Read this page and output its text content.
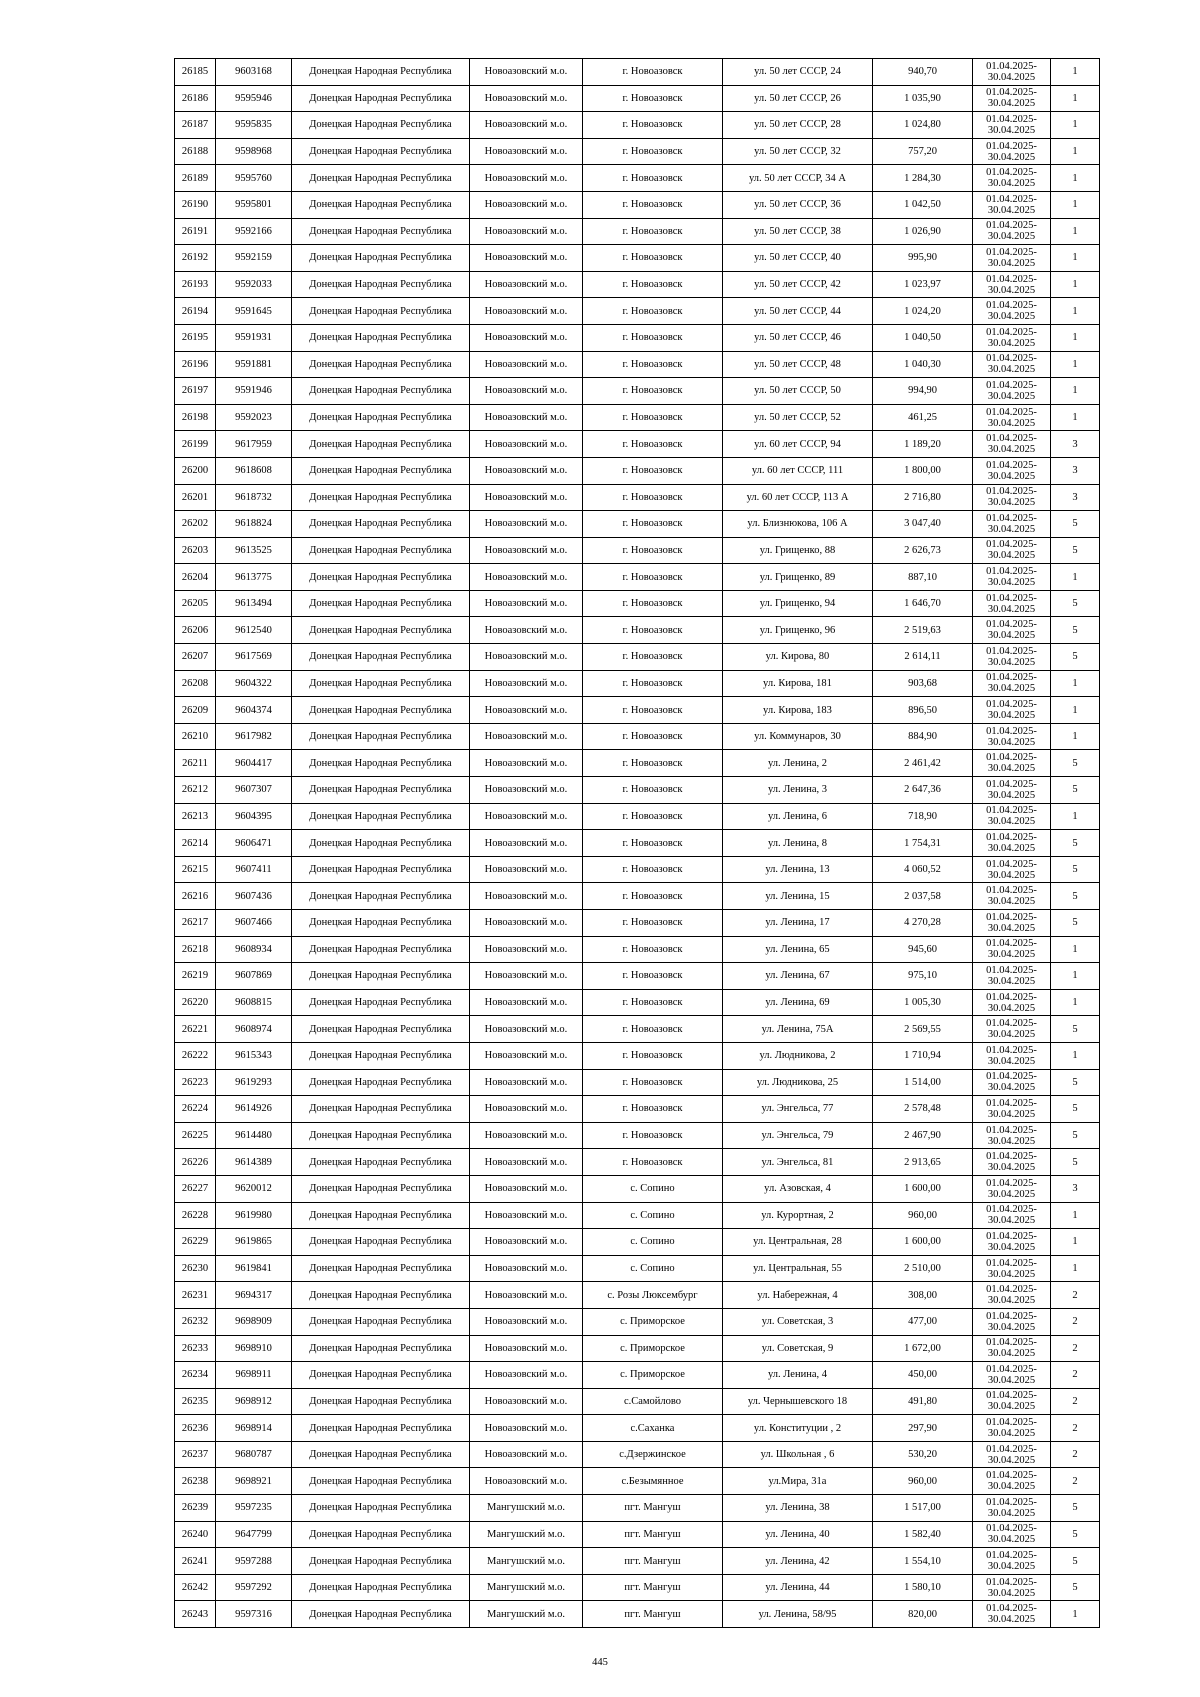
26185	9603168	Донецкая Народная Республика	Новоазовский м.о.	г. Новоазовск	ул. 50 лет СССР, 24	940,70	01.04.2025-
30.04.2025	1
26186	9595946	Донецкая Народная Республика	Новоазовский м.о.	г. Новоазовск	ул. 50 лет СССР, 26	1 035,90	01.04.2025-
30.04.2025	1
26187	9595835	Донецкая Народная Республика	Новоазовский м.о.	г. Новоазовск	ул. 50 лет СССР, 28	1 024,80	01.04.2025-
30.04.2025	1
26188	9598968	Донецкая Народная Республика	Новоазовский м.о.	г. Новоазовск	ул. 50 лет СССР, 32	757,20	01.04.2025-
30.04.2025	1
26189	9595760	Донецкая Народная Республика	Новоазовский м.о.	г. Новоазовск	ул. 50 лет СССР, 34 А	1 284,30	01.04.2025-
30.04.2025	1
26190	9595801	Донецкая Народная Республика	Новоазовский м.о.	г. Новоазовск	ул. 50 лет СССР, 36	1 042,50	01.04.2025-
30.04.2025	1
26191	9592166	Донецкая Народная Республика	Новоазовский м.о.	г. Новоазовск	ул. 50 лет СССР, 38	1 026,90	01.04.2025-
30.04.2025	1
26192	9592159	Донецкая Народная Республика	Новоазовский м.о.	г. Новоазовск	ул. 50 лет СССР, 40	995,90	01.04.2025-
30.04.2025	1
26193	9592033	Донецкая Народная Республика	Новоазовский м.о.	г. Новоазовск	ул. 50 лет СССР, 42	1 023,97	01.04.2025-
30.04.2025	1
26194	9591645	Донецкая Народная Республика	Новоазовский м.о.	г. Новоазовск	ул. 50 лет СССР, 44	1 024,20	01.04.2025-
30.04.2025	1
26195	9591931	Донецкая Народная Республика	Новоазовский м.о.	г. Новоазовск	ул. 50 лет СССР, 46	1 040,50	01.04.2025-
30.04.2025	1
26196	9591881	Донецкая Народная Республика	Новоазовский м.о.	г. Новоазовск	ул. 50 лет СССР, 48	1 040,30	01.04.2025-
30.04.2025	1
26197	9591946	Донецкая Народная Республика	Новоазовский м.о.	г. Новоазовск	ул. 50 лет СССР, 50	994,90	01.04.2025-
30.04.2025	1
26198	9592023	Донецкая Народная Республика	Новоазовский м.о.	г. Новоазовск	ул. 50 лет СССР, 52	461,25	01.04.2025-
30.04.2025	1
26199	9617959	Донецкая Народная Республика	Новоазовский м.о.	г. Новоазовск	ул. 60 лет СССР, 94	1 189,20	01.04.2025-
30.04.2025	3
26200	9618608	Донецкая Народная Республика	Новоазовский м.о.	г. Новоазовск	ул. 60 лет СССР, 111	1 800,00	01.04.2025-
30.04.2025	3
26201	9618732	Донецкая Народная Республика	Новоазовский м.о.	г. Новоазовск	ул. 60 лет СССР, 113 А	2 716,80	01.04.2025-
30.04.2025	3
26202	9618824	Донецкая Народная Республика	Новоазовский м.о.	г. Новоазовск	ул. Близнюкова, 106 А	3 047,40	01.04.2025-
30.04.2025	5
26203	9613525	Донецкая Народная Республика	Новоазовский м.о.	г. Новоазовск	ул. Грищенко, 88	2 626,73	01.04.2025-
30.04.2025	5
26204	9613775	Донецкая Народная Республика	Новоазовский м.о.	г. Новоазовск	ул. Грищенко, 89	887,10	01.04.2025-
30.04.2025	1
26205	9613494	Донецкая Народная Республика	Новоазовский м.о.	г. Новоазовск	ул. Грищенко, 94	1 646,70	01.04.2025-
30.04.2025	5
26206	9612540	Донецкая Народная Республика	Новоазовский м.о.	г. Новоазовск	ул. Грищенко, 96	2 519,63	01.04.2025-
30.04.2025	5
26207	9617569	Донецкая Народная Республика	Новоазовский м.о.	г. Новоазовск	ул. Кирова, 80	2 614,11	01.04.2025-
30.04.2025	5
26208	9604322	Донецкая Народная Республика	Новоазовский м.о.	г. Новоазовск	ул. Кирова, 181	903,68	01.04.2025-
30.04.2025	1
26209	9604374	Донецкая Народная Республика	Новоазовский м.о.	г. Новоазовск	ул. Кирова, 183	896,50	01.04.2025-
30.04.2025	1
26210	9617982	Донецкая Народная Республика	Новоазовский м.о.	г. Новоазовск	ул. Коммунаров, 30	884,90	01.04.2025-
30.04.2025	1
26211	9604417	Донецкая Народная Республика	Новоазовский м.о.	г. Новоазовск	ул. Ленина, 2	2 461,42	01.04.2025-
30.04.2025	5
26212	9607307	Донецкая Народная Республика	Новоазовский м.о.	г. Новоазовск	ул. Ленина, 3	2 647,36	01.04.2025-
30.04.2025	5
26213	9604395	Донецкая Народная Республика	Новоазовский м.о.	г. Новоазовск	ул. Ленина, 6	718,90	01.04.2025-
30.04.2025	1
26214	9606471	Донецкая Народная Республика	Новоазовский м.о.	г. Новоазовск	ул. Ленина, 8	1 754,31	01.04.2025-
30.04.2025	5
26215	9607411	Донецкая Народная Республика	Новоазовский м.о.	г. Новоазовск	ул. Ленина, 13	4 060,52	01.04.2025-
30.04.2025	5
26216	9607436	Донецкая Народная Республика	Новоазовский м.о.	г. Новоазовск	ул. Ленина, 15	2 037,58	01.04.2025-
30.04.2025	5
26217	9607466	Донецкая Народная Республика	Новоазовский м.о.	г. Новоазовск	ул. Ленина, 17	4 270,28	01.04.2025-
30.04.2025	5
26218	9608934	Донецкая Народная Республика	Новоазовский м.о.	г. Новоазовск	ул. Ленина, 65	945,60	01.04.2025-
30.04.2025	1
26219	9607869	Донецкая Народная Республика	Новоазовский м.о.	г. Новоазовск	ул. Ленина, 67	975,10	01.04.2025-
30.04.2025	1
26220	9608815	Донецкая Народная Республика	Новоазовский м.о.	г. Новоазовск	ул. Ленина, 69	1 005,30	01.04.2025-
30.04.2025	1
26221	9608974	Донецкая Народная Республика	Новоазовский м.о.	г. Новоазовск	ул. Ленина, 75А	2 569,55	01.04.2025-
30.04.2025	5
26222	9615343	Донецкая Народная Республика	Новоазовский м.о.	г. Новоазовск	ул. Людникова, 2	1 710,94	01.04.2025-
30.04.2025	1
26223	9619293	Донецкая Народная Республика	Новоазовский м.о.	г. Новоазовск	ул. Людникова, 25	1 514,00	01.04.2025-
30.04.2025	5
26224	9614926	Донецкая Народная Республика	Новоазовский м.о.	г. Новоазовск	ул. Энгельса, 77	2 578,48	01.04.2025-
30.04.2025	5
26225	9614480	Донецкая Народная Республика	Новоазовский м.о.	г. Новоазовск	ул. Энгельса, 79	2 467,90	01.04.2025-
30.04.2025	5
26226	9614389	Донецкая Народная Республика	Новоазовский м.о.	г. Новоазовск	ул. Энгельса, 81	2 913,65	01.04.2025-
30.04.2025	5
26227	9620012	Донецкая Народная Республика	Новоазовский м.о.	с. Сопино	ул. Азовская, 4	1 600,00	01.04.2025-
30.04.2025	3
26228	9619980	Донецкая Народная Республика	Новоазовский м.о.	с. Сопино	ул. Курортная, 2	960,00	01.04.2025-
30.04.2025	1
26229	9619865	Донецкая Народная Республика	Новоазовский м.о.	с. Сопино	ул. Центральная, 28	1 600,00	01.04.2025-
30.04.2025	1
26230	9619841	Донецкая Народная Республика	Новоазовский м.о.	с. Сопино	ул. Центральная, 55	2 510,00	01.04.2025-
30.04.2025	1
26231	9694317	Донецкая Народная Республика	Новоазовский м.о.	с. Розы Люксембург	ул. Набережная, 4	308,00	01.04.2025-
30.04.2025	2
26232	9698909	Донецкая Народная Республика	Новоазовский м.о.	с. Приморское	ул. Советская, 3	477,00	01.04.2025-
30.04.2025	2
26233	9698910	Донецкая Народная Республика	Новоазовский м.о.	с. Приморское	ул. Советская, 9	1 672,00	01.04.2025-
30.04.2025	2
26234	9698911	Донецкая Народная Республика	Новоазовский м.о.	с. Приморское	ул. Ленина, 4	450,00	01.04.2025-
30.04.2025	2
26235	9698912	Донецкая Народная Республика	Новоазовский м.о.	с.Самойлово	ул. Чернышевского 18	491,80	01.04.2025-
30.04.2025	2
26236	9698914	Донецкая Народная Республика	Новоазовский м.о.	с.Саханка	ул. Конституции , 2	297,90	01.04.2025-
30.04.2025	2
26237	9680787	Донецкая Народная Республика	Новоазовский м.о.	с.Дзержинское	ул. Школьная , 6	530,20	01.04.2025-
30.04.2025	2
26238	9698921	Донецкая Народная Республика	Новоазовский м.о.	с.Безымянное	ул.Мира, 31а	960,00	01.04.2025-
30.04.2025	2
26239	9597235	Донецкая Народная Республика	Мангушский м.о.	пгт. Мангуш	ул. Ленина, 38	1 517,00	01.04.2025-
30.04.2025	5
26240	9647799	Донецкая Народная Республика	Мангушский м.о.	пгт. Мангуш	ул. Ленина, 40	1 582,40	01.04.2025-
30.04.2025	5
26241	9597288	Донецкая Народная Республика	Мангушский м.о.	пгт. Мангуш	ул. Ленина, 42	1 554,10	01.04.2025-
30.04.2025	5
26242	9597292	Донецкая Народная Республика	Мангушский м.о.	пгт. Мангуш	ул. Ленина, 44	1 580,10	01.04.2025-
30.04.2025	5
26243	9597316	Донецкая Народная Республика	Мангушский м.о.	пгт. Мангуш	ул. Ленина, 58/95	820,00	01.04.2025-
30.04.2025	1
445
